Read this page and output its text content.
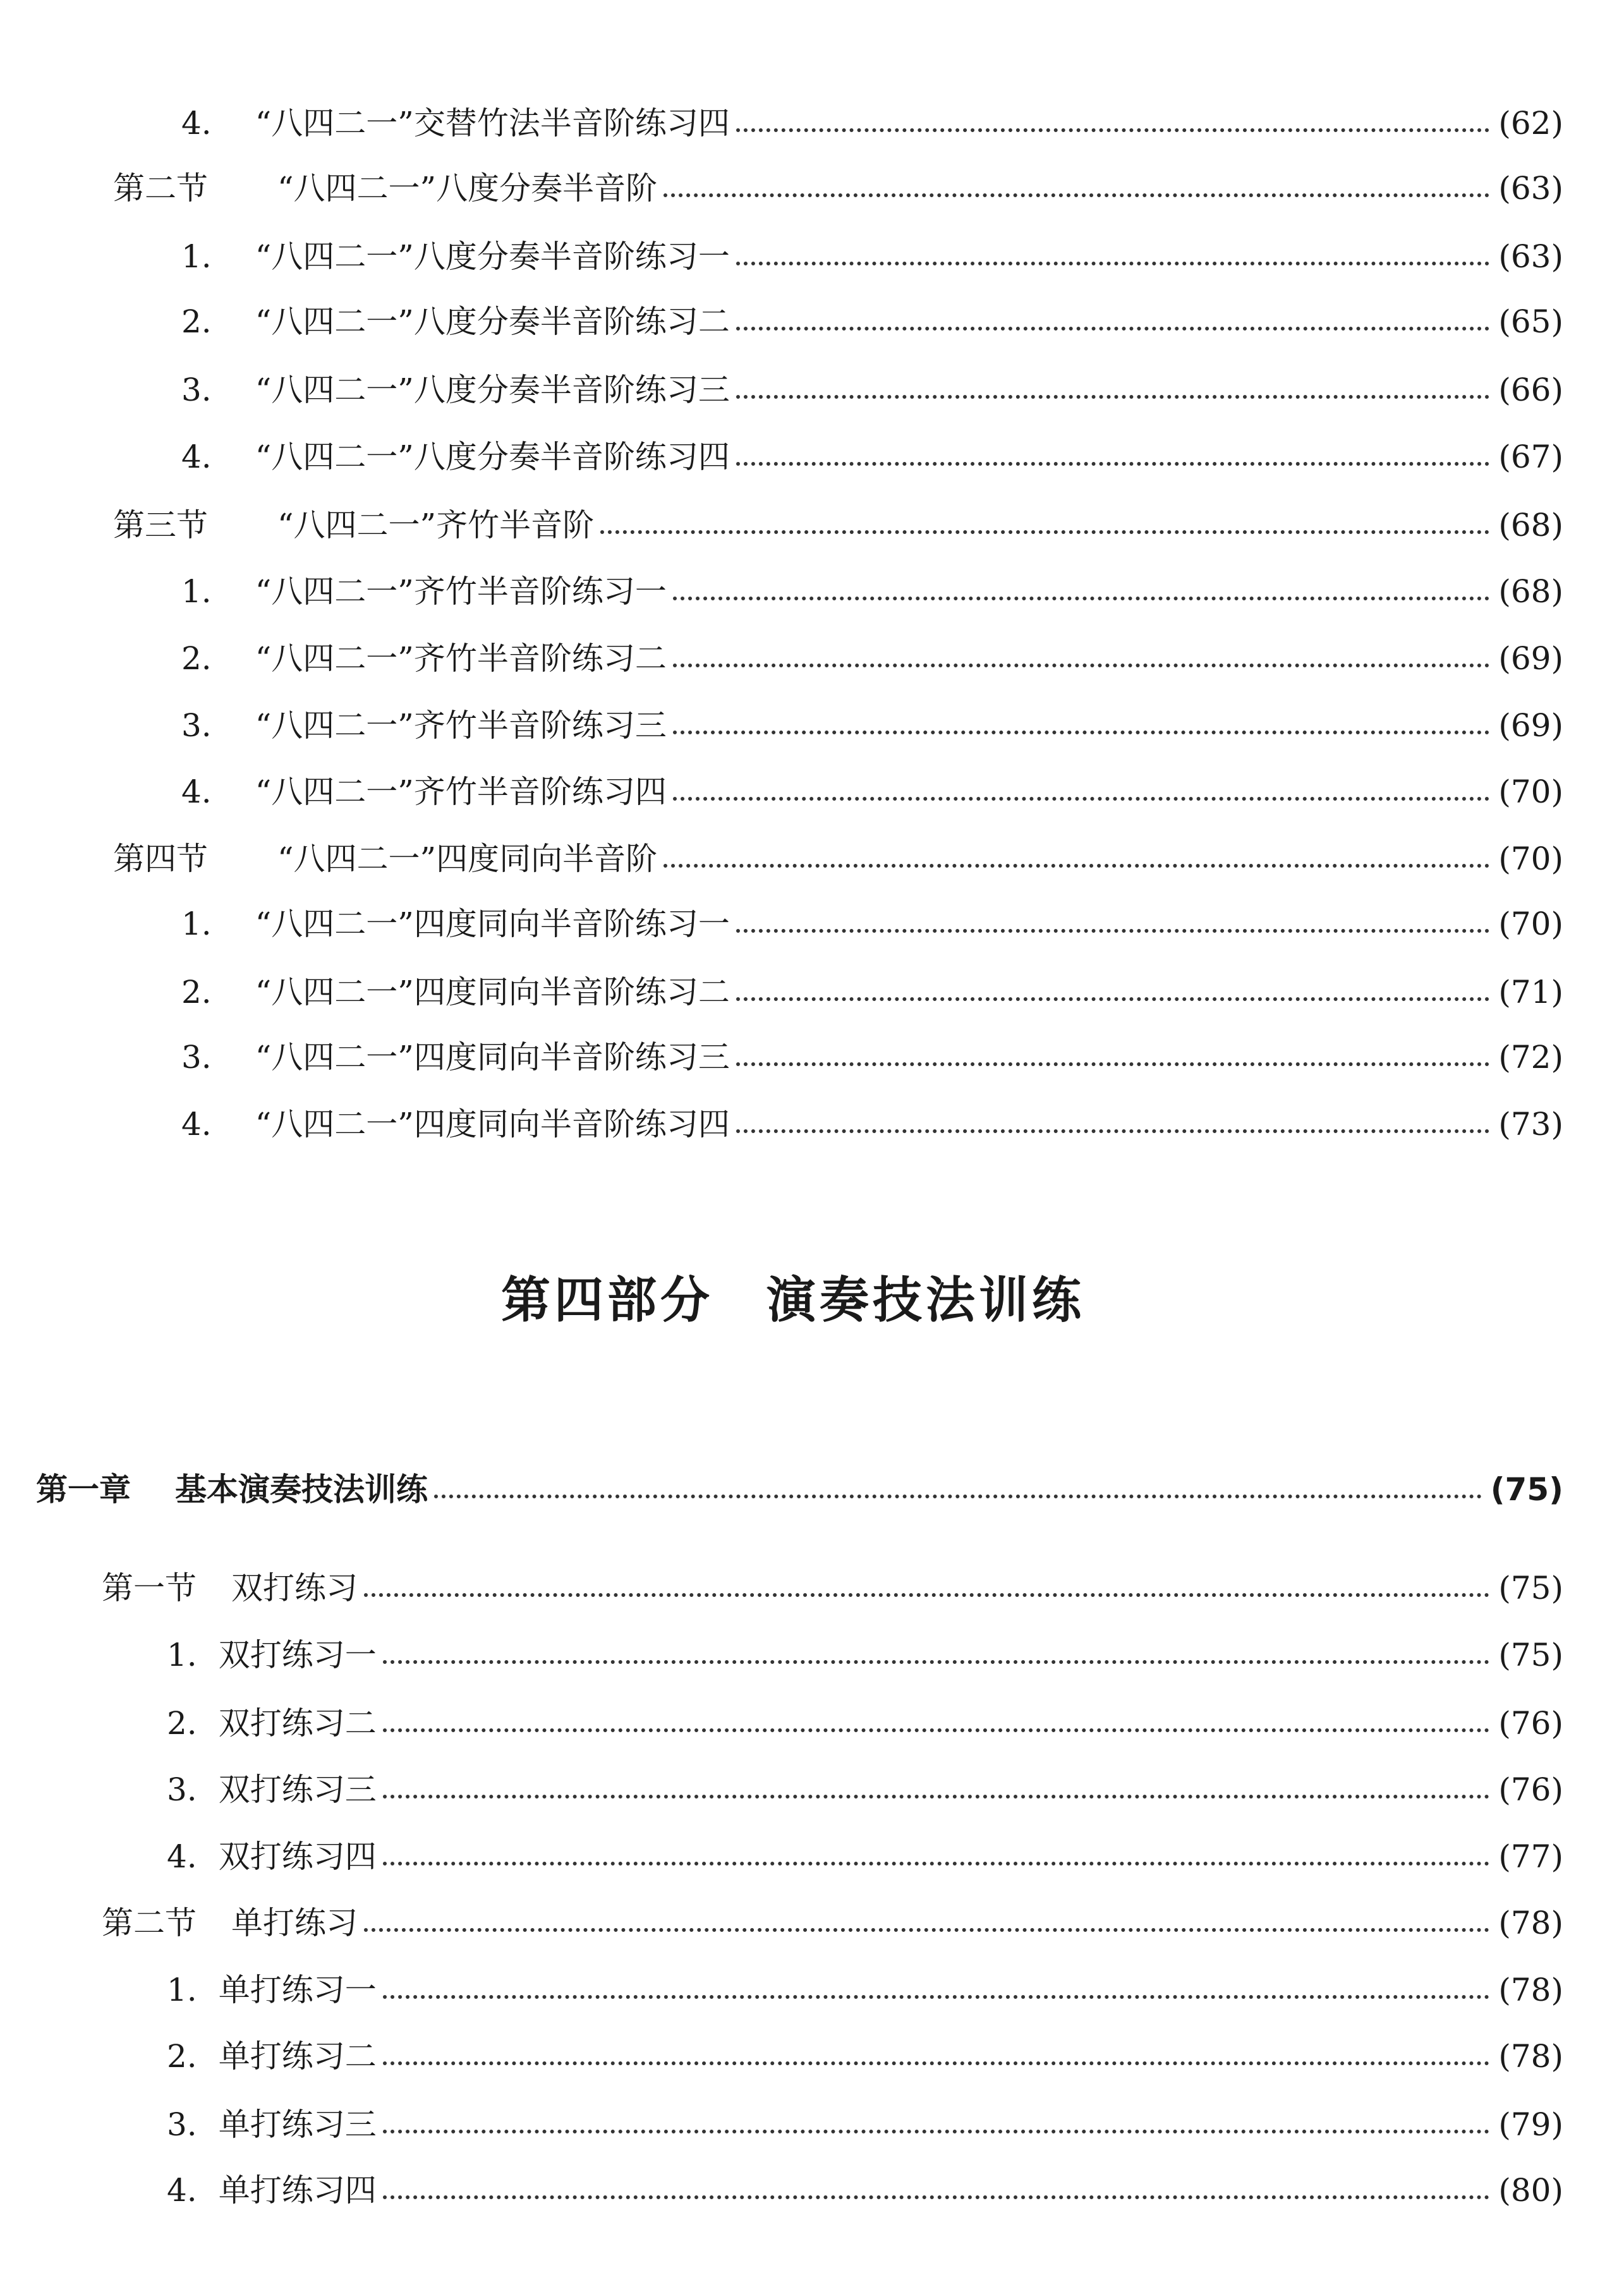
第四部分　演奏技法训练
4. “八四二一”交替竹法半音阶练习四	(62)
第二节 “八四二一”八度分奏半音阶	(63)
1. “八四二一”八度分奏半音阶练习一	(63)
2. “八四二一”八度分奏半音阶练习二	(65)
3. “八四二一”八度分奏半音阶练习三	(66)
4. “八四二一”八度分奏半音阶练习四	(67)
第三节 “八四二一”齐竹半音阶	(68)
1. “八四二一”齐竹半音阶练习一	(68)
2. “八四二一”齐竹半音阶练习二	(69)
3. “八四二一”齐竹半音阶练习三	(69)
4. “八四二一”齐竹半音阶练习四	(70)
第四节 “八四二一”四度同向半音阶	(70)
1. “八四二一”四度同向半音阶练习一	(70)
2. “八四二一”四度同向半音阶练习二	(71)
3. “八四二一”四度同向半音阶练习三	(72)
4. “八四二一”四度同向半音阶练习四	(73)
第一章 基本演奏技法训练	(75)
第一节 双打练习	(75)
1. 双打练习一	(75)
2. 双打练习二	(76)
3. 双打练习三	(76)
4. 双打练习四	(77)
第二节 单打练习	(78)
1. 单打练习一	(78)
2. 单打练习二	(78)
3. 单打练习三	(79)
4. 单打练习四	(80)
